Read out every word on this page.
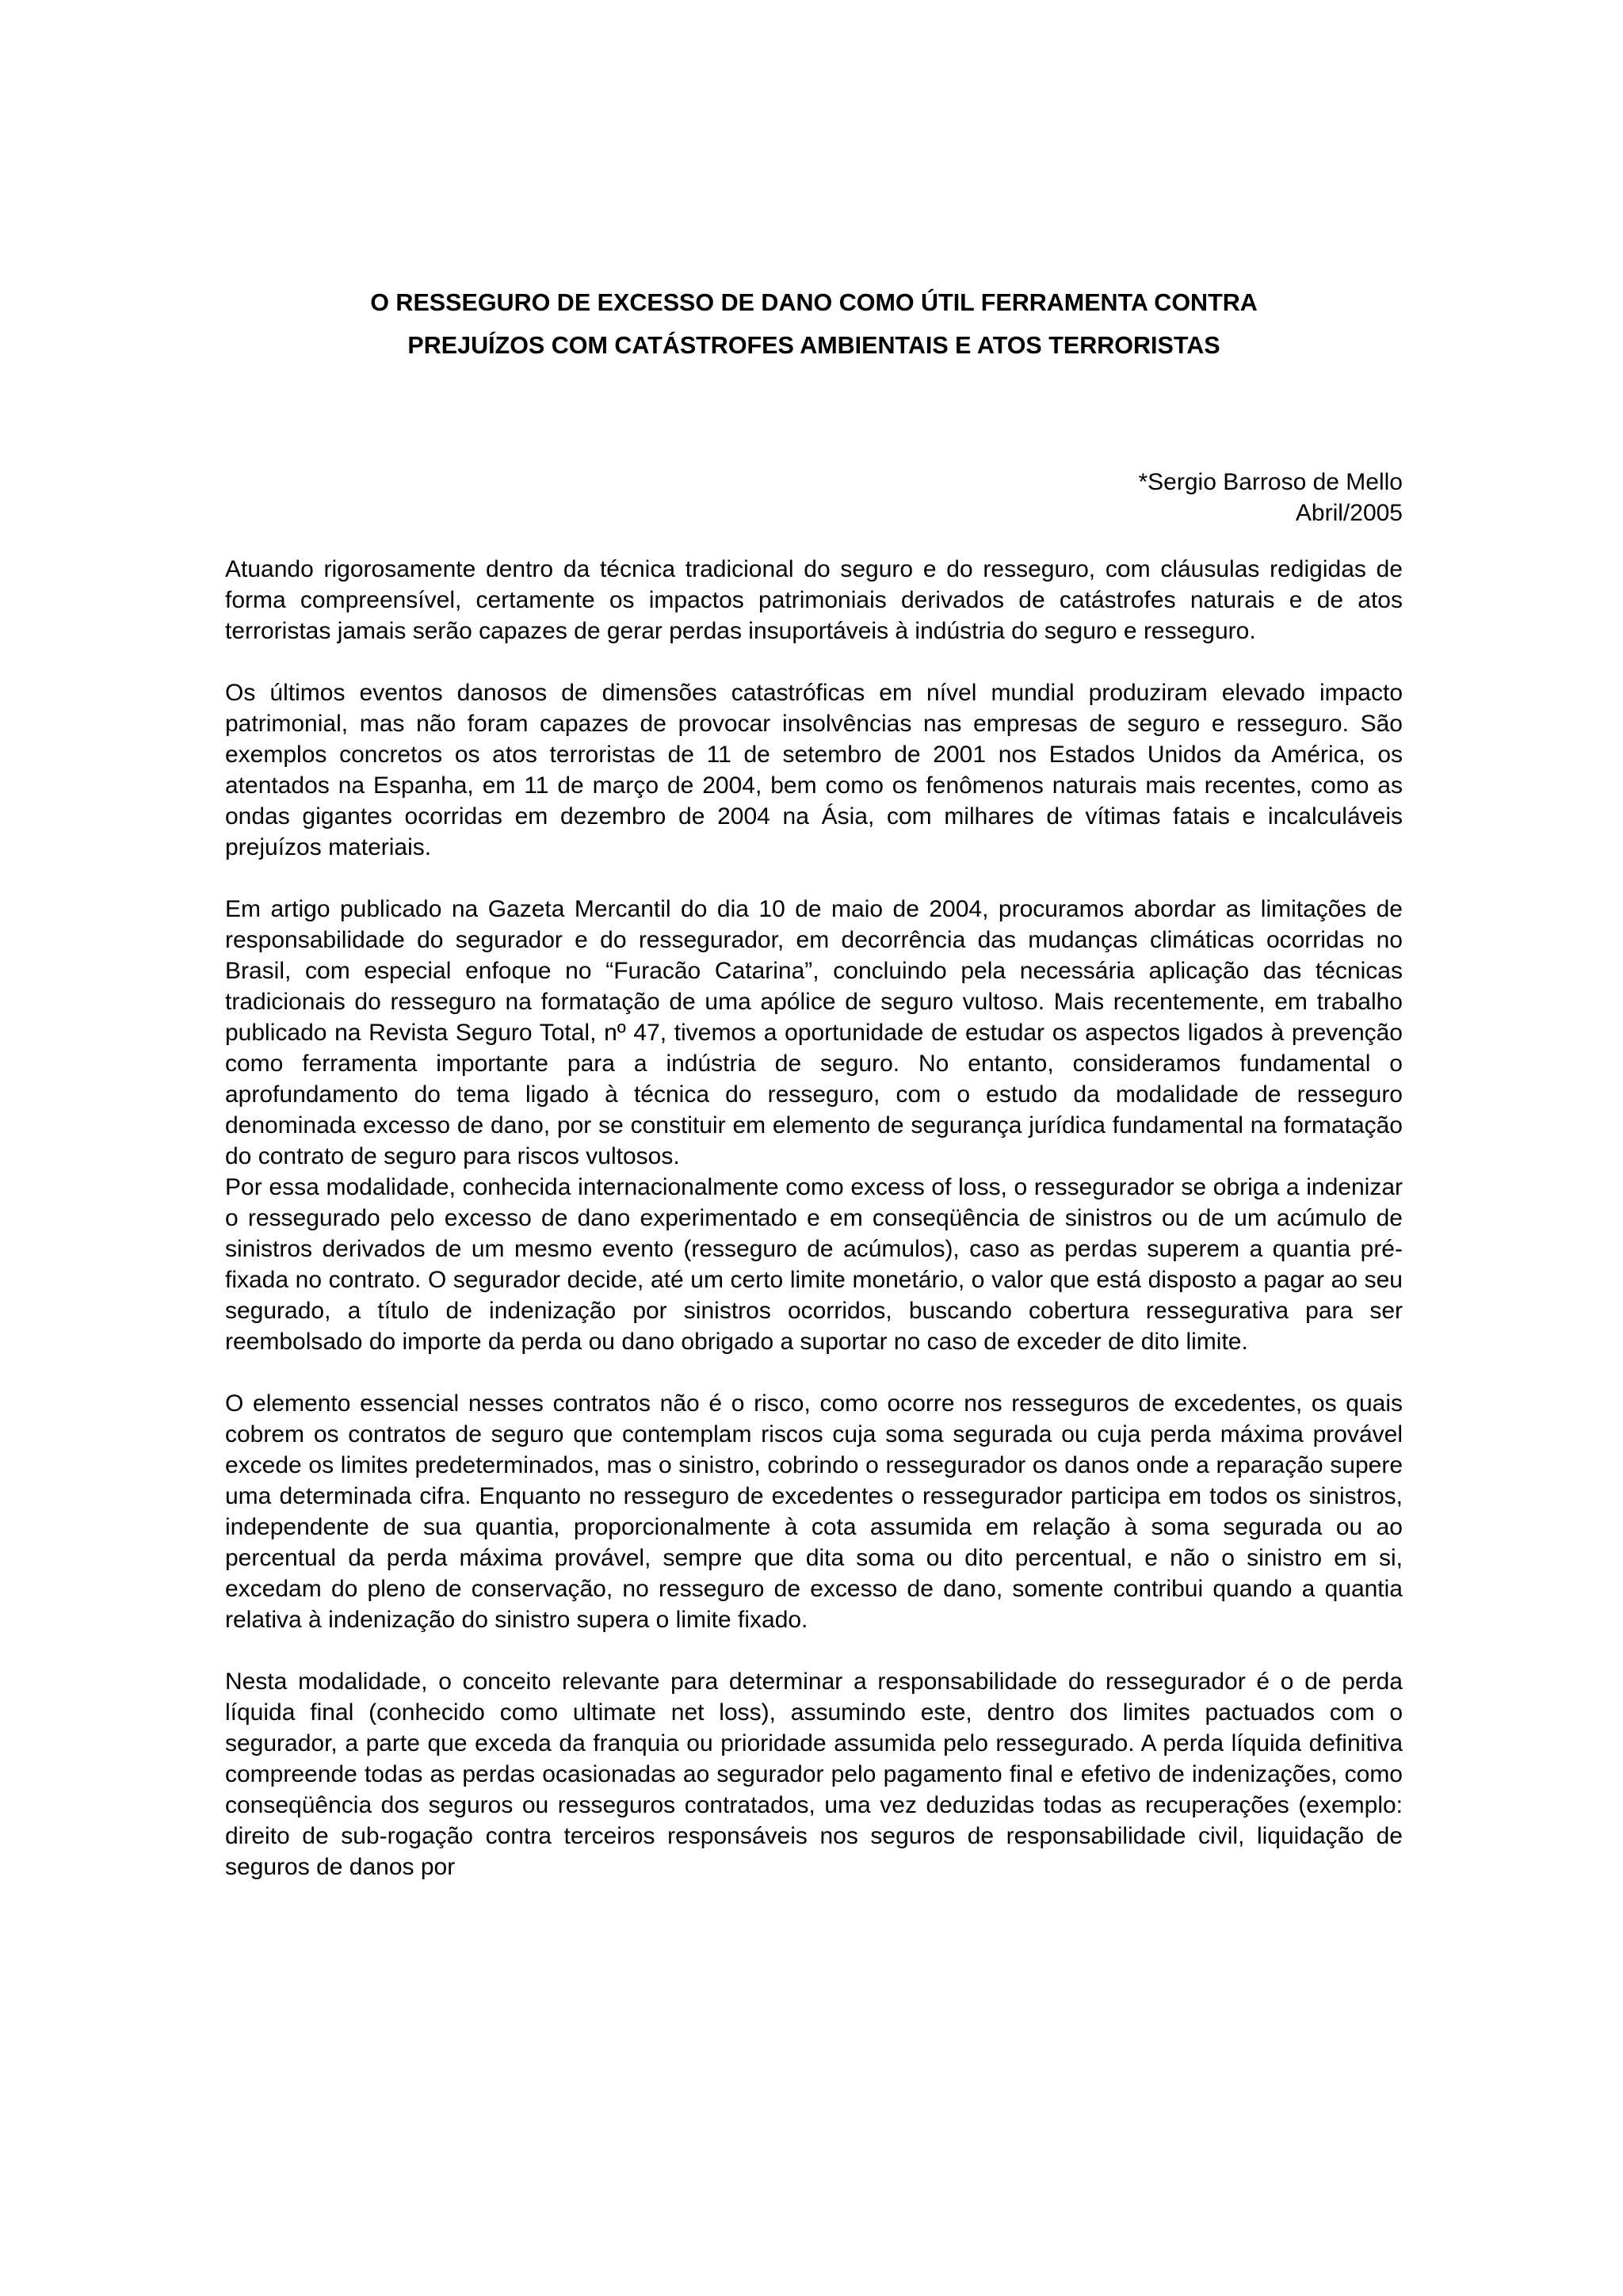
O RESSEGURO DE EXCESSO DE DANO COMO ÚTIL FERRAMENTA CONTRA
PREJUÍZOS COM CATÁSTROFES AMBIENTAIS E ATOS TERRORISTAS
*Sergio Barroso de Mello
Abril/2005

Atuando rigorosamente dentro da técnica tradicional do seguro e do resseguro, com cláusulas redigidas de forma compreensível, certamente os impactos patrimoniais derivados de catástrofes naturais e de atos terroristas jamais serão capazes de gerar perdas insuportáveis à indústria do seguro e resseguro.

Os últimos eventos danosos de dimensões catastróficas em nível mundial produziram elevado impacto patrimonial, mas não foram capazes de provocar insolvências nas empresas de seguro e resseguro. São exemplos concretos os atos terroristas de 11 de setembro de 2001 nos Estados Unidos da América, os atentados na Espanha, em 11 de março de 2004, bem como os fenômenos naturais mais recentes, como as ondas gigantes ocorridas em dezembro de 2004 na Ásia, com milhares de vítimas fatais e incalculáveis prejuízos materiais.

Em artigo publicado na Gazeta Mercantil do dia 10 de maio de 2004, procuramos abordar as limitações de responsabilidade do segurador e do ressegurador, em decorrência das mudanças climáticas ocorridas no Brasil, com especial enfoque no “Furacão Catarina”, concluindo pela necessária aplicação das técnicas tradicionais do resseguro na formatação de uma apólice de seguro vultoso. Mais recentemente, em trabalho publicado na Revista Seguro Total, nº 47, tivemos a oportunidade de estudar os aspectos ligados à prevenção como ferramenta importante para a indústria de seguro. No entanto, consideramos fundamental o aprofundamento do tema ligado à técnica do resseguro, com o estudo da modalidade de resseguro denominada excesso de dano, por se constituir em elemento de segurança jurídica fundamental na formatação do contrato de seguro para riscos vultosos.

Por essa modalidade, conhecida internacionalmente como excess of loss, o ressegurador se obriga a indenizar o ressegurado pelo excesso de dano experimentado e em conseqüência de sinistros ou de um acúmulo de sinistros derivados de um mesmo evento (resseguro de acúmulos), caso as perdas superem a quantia pré-fixada no contrato. O segurador decide, até um certo limite monetário, o valor que está disposto a pagar ao seu segurado, a título de indenização por sinistros ocorridos, buscando cobertura ressegurativa para ser reembolsado do importe da perda ou dano obrigado a suportar no caso de exceder de dito limite.

O elemento essencial nesses contratos não é o risco, como ocorre nos resseguros de excedentes, os quais cobrem os contratos de seguro que contemplam riscos cuja soma segurada ou cuja perda máxima provável excede os limites predeterminados, mas o sinistro, cobrindo o ressegurador os danos onde a reparação supere uma determinada cifra. Enquanto no resseguro de excedentes o ressegurador participa em todos os sinistros, independente de sua quantia, proporcionalmente à cota assumida em relação à soma segurada ou ao percentual da perda máxima provável, sempre que dita soma ou dito percentual, e não o sinistro em si, excedam do pleno de conservação, no resseguro de excesso de dano, somente contribui quando a quantia relativa à indenização do sinistro supera o limite fixado.

Nesta modalidade, o conceito relevante para determinar a responsabilidade do ressegurador é o de perda líquida final (conhecido como ultimate net loss), assumindo este, dentro dos limites pactuados com o segurador, a parte que exceda da franquia ou prioridade assumida pelo ressegurado. A perda líquida definitiva compreende todas as perdas ocasionadas ao segurador pelo pagamento final e efetivo de indenizações, como conseqüência dos seguros ou resseguros contratados, uma vez deduzidas todas as recuperações (exemplo: direito de sub-rogação contra terceiros responsáveis nos seguros de responsabilidade civil, liquidação de seguros de danos por
